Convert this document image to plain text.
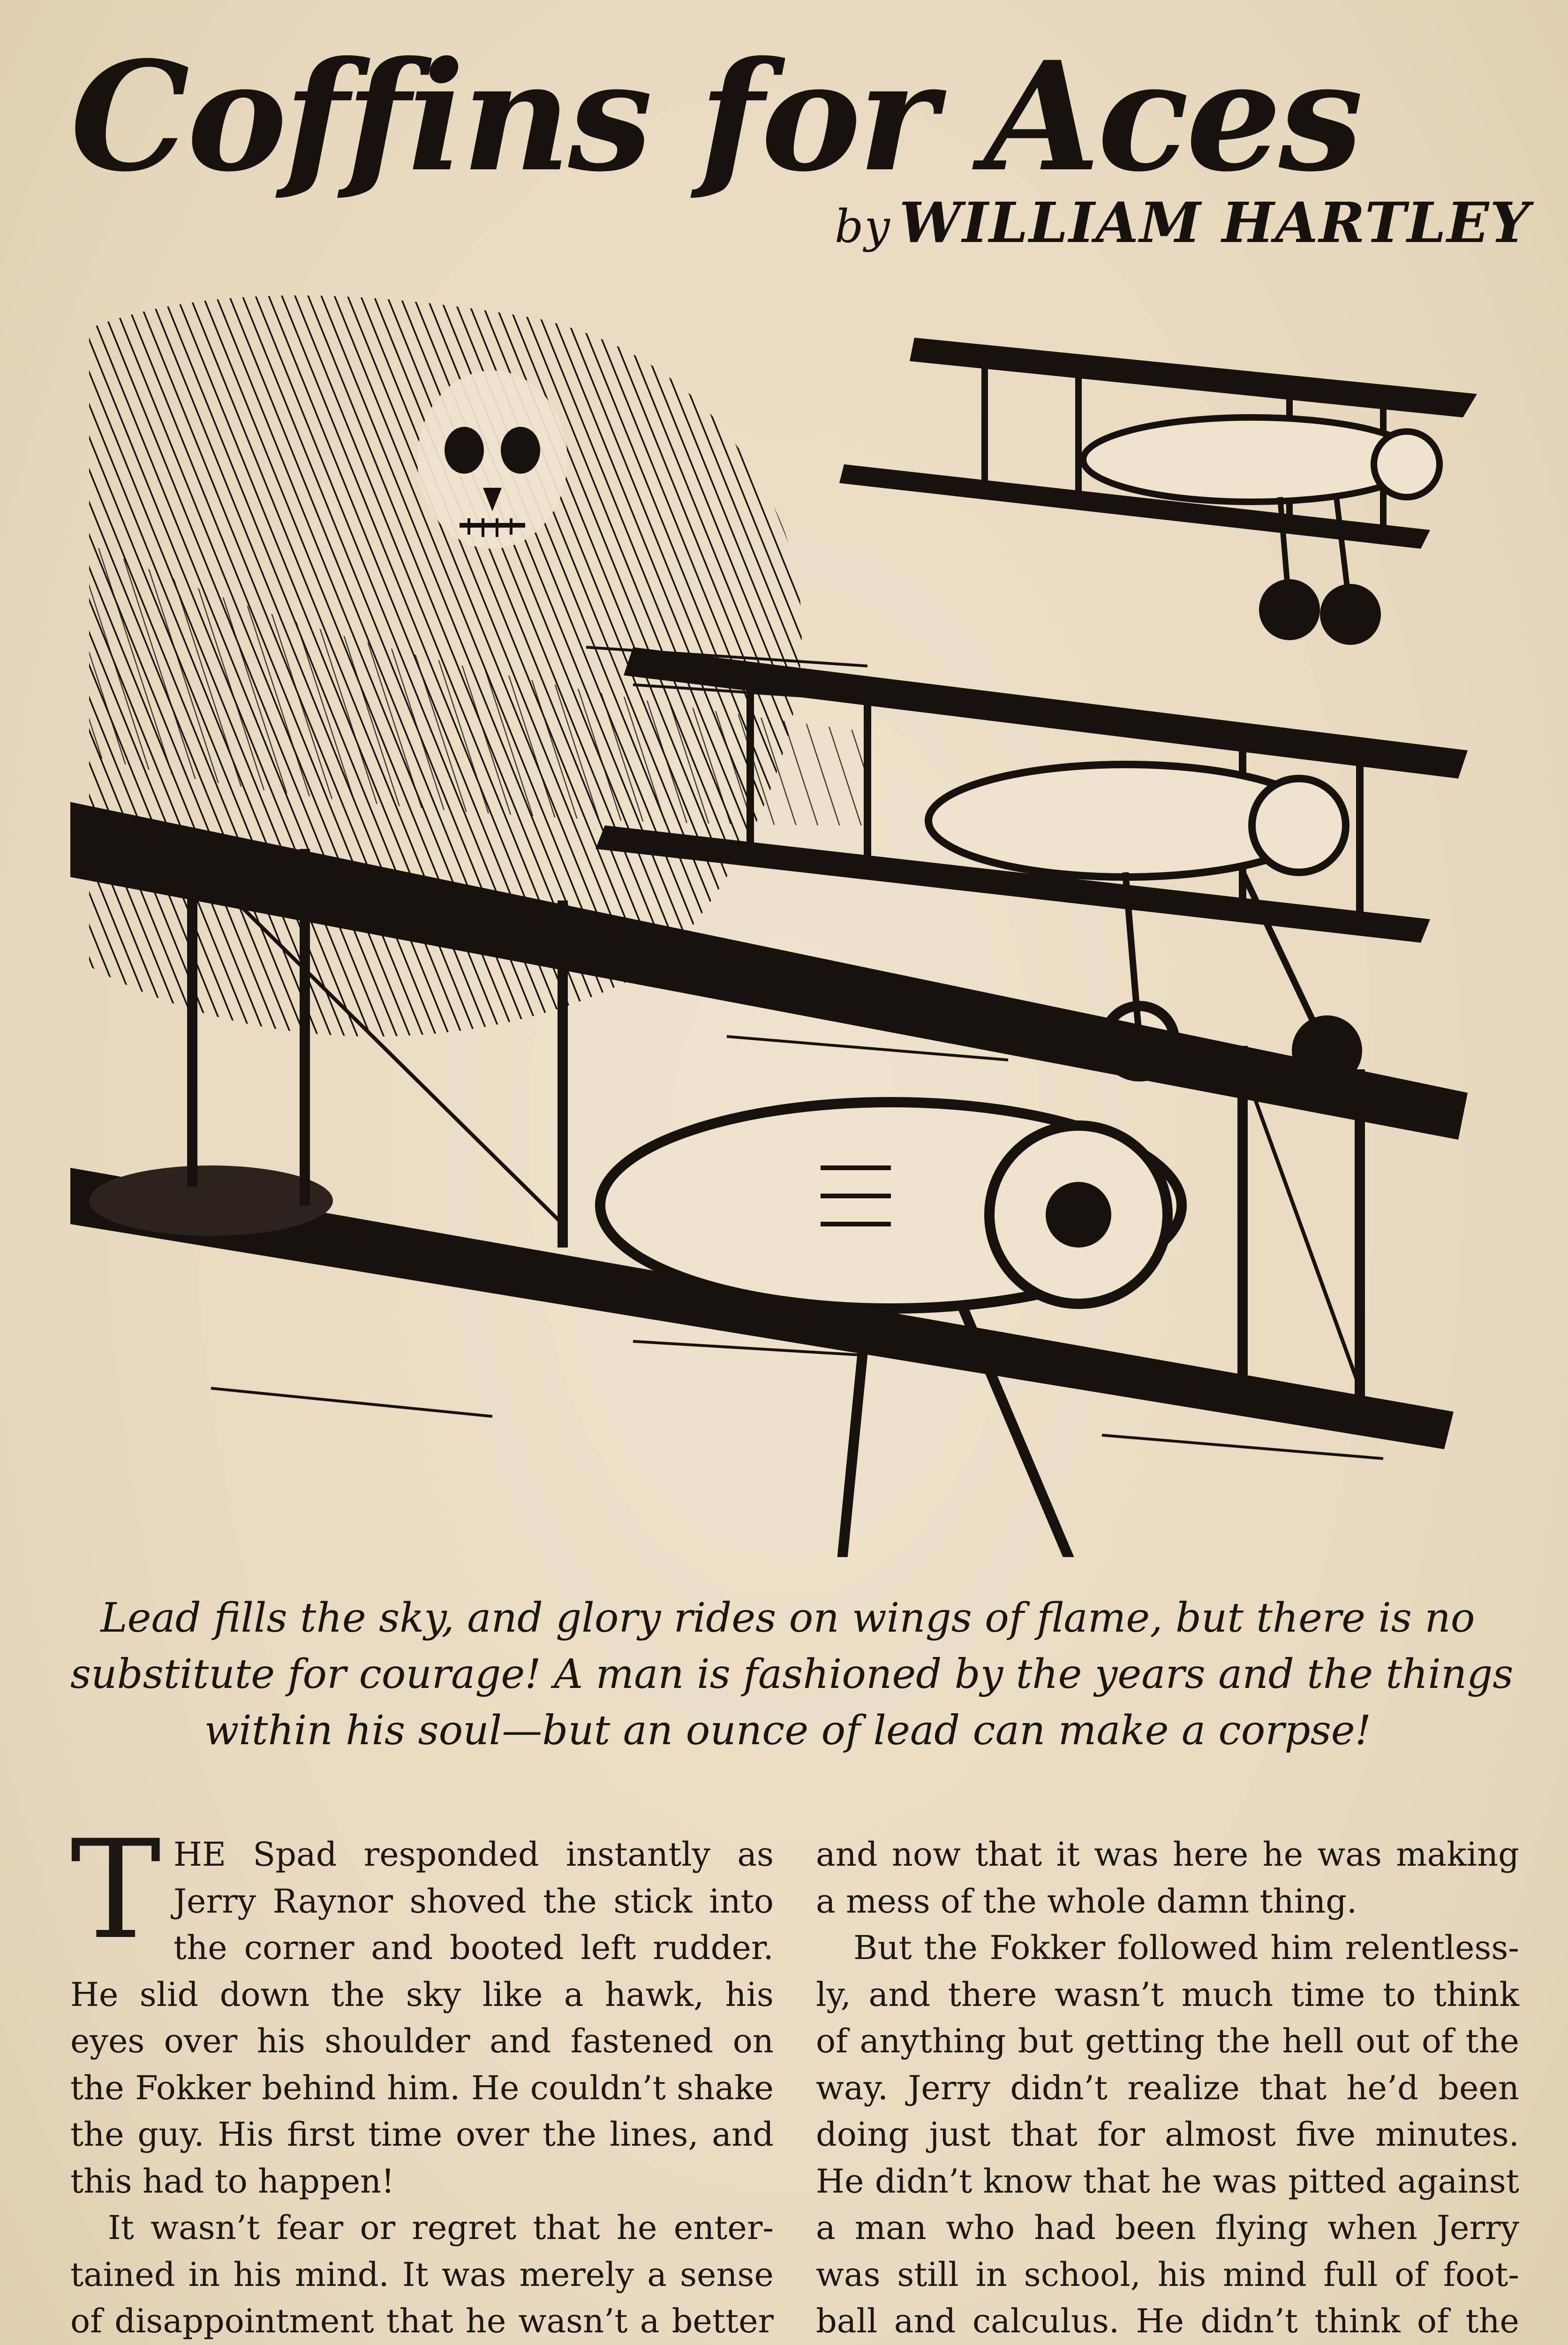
Coffins for Aces
by WILLIAM HARTLEY
Lead fills the sky, and glory rides on wings of flame, but there is no
substitute for courage! A man is fashioned by the years and the things
within his soul—but an ounce of lead can make a corpse!
T HE Spad responded instantly as
Jerry Raynor shoved the stick into
the corner and booted left rudder.
He slid down the sky like a hawk, his
eyes over his shoulder and fastened on
the Fokker behind him. He couldn’t shake
the guy. His first time over the lines, and
this had to happen!
It wasn’t fear or regret that he enter-
tained in his mind. It was merely a sense
of disappointment that he wasn’t a better
and now that it was here he was making
a mess of the whole damn thing.
But the Fokker followed him relentless-
ly, and there wasn’t much time to think
of anything but getting the hell out of the
way. Jerry didn’t realize that he’d been
doing just that for almost five minutes.
He didn’t know that he was pitted against
a man who had been flying when Jerry
was still in school, his mind full of foot-
ball and calculus. He didn’t think of the
